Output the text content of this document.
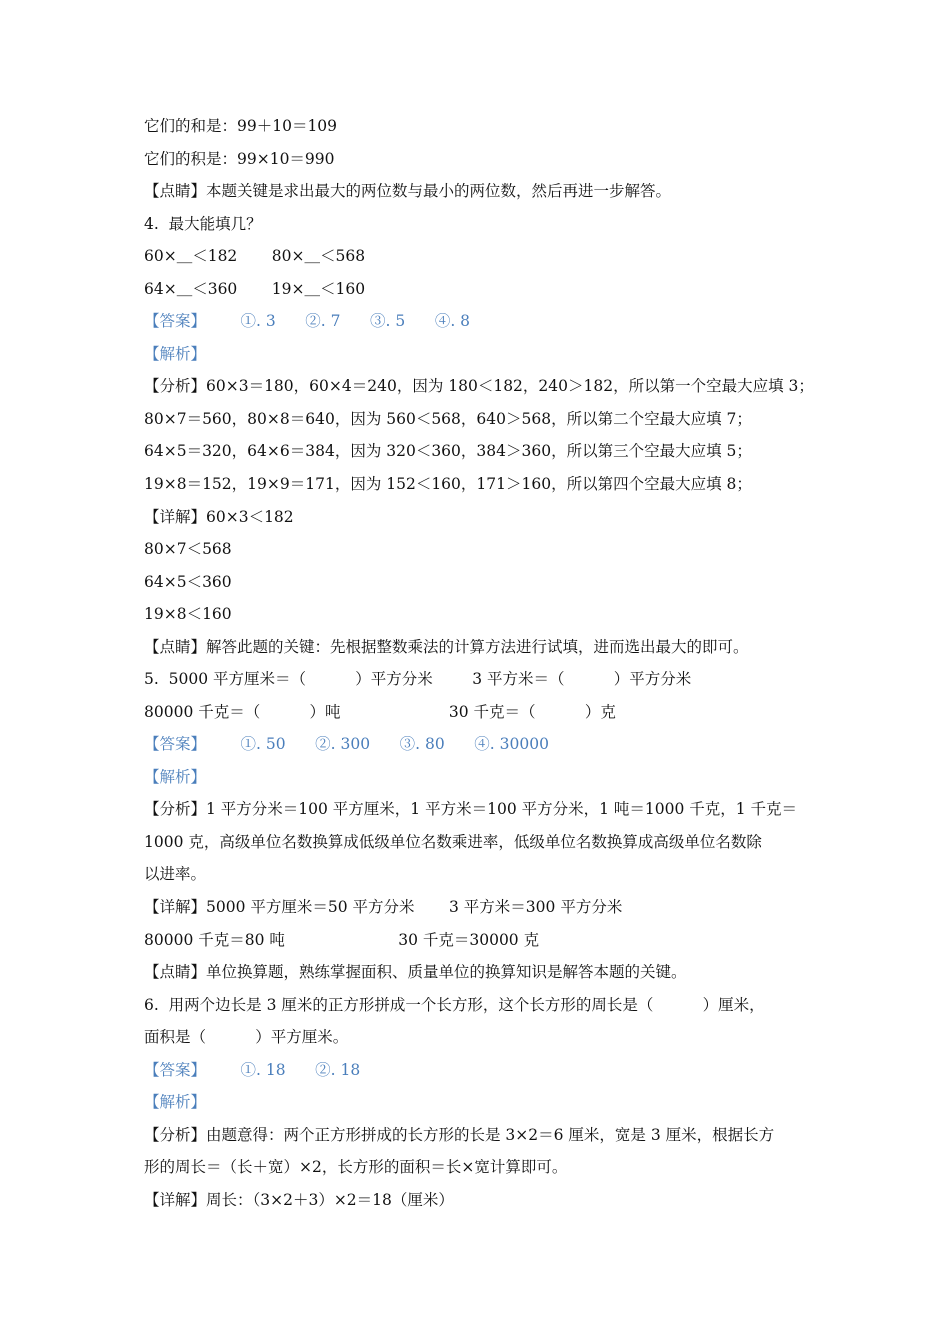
它们的和是：99＋10＝109
它们的积是：99×10＝990
【点睛】本题关键是求出最大的两位数与最小的两位数，然后再进一步解答。
4.  最大能填几？
60×＿＜182       80×＿＜568
64×＿＜360       19×＿＜160
【答案】       ①. 3      ②. 7      ③. 5      ④. 8
【解析】
【分析】60×3＝180，60×4＝240，因为 180＜182，240＞182，所以第一个空最大应填 3；
80×7＝560，80×8＝640，因为 560＜568，640＞568，所以第二个空最大应填 7；
64×5＝320，64×6＝384，因为 320＜360，384＞360，所以第三个空最大应填 5；
19×8＝152，19×9＝171，因为 152＜160，171＞160，所以第四个空最大应填 8；
【详解】60×3＜182
80×7＜568
64×5＜360
19×8＜160
【点睛】解答此题的关键：先根据整数乘法的计算方法进行试填，进而选出最大的即可。
5.  5000 平方厘米＝（          ）平方分米        3 平方米＝（          ）平方分米
80000 千克＝（          ）吨                      30 千克＝（          ）克
【答案】       ①. 50      ②. 300      ③. 80      ④. 30000
【解析】
【分析】1 平方分米＝100 平方厘米，1 平方米＝100 平方分米，1 吨＝1000 千克，1 千克＝
1000 克，高级单位名数换算成低级单位名数乘进率，低级单位名数换算成高级单位名数除
以进率。
【详解】5000 平方厘米＝50 平方分米       3 平方米＝300 平方分米
80000 千克＝80 吨                       30 千克＝30000 克
【点睛】单位换算题，熟练掌握面积、质量单位的换算知识是解答本题的关键。
6.  用两个边长是 3 厘米的正方形拼成一个长方形，这个长方形的周长是（          ）厘米，
面积是（          ）平方厘米。
【答案】       ①. 18      ②. 18
【解析】
【分析】由题意得：两个正方形拼成的长方形的长是 3×2＝6 厘米，宽是 3 厘米，根据长方
形的周长＝（长＋宽）×2，长方形的面积＝长×宽计算即可。
【详解】周长：（3×2＋3）×2＝18（厘米）
